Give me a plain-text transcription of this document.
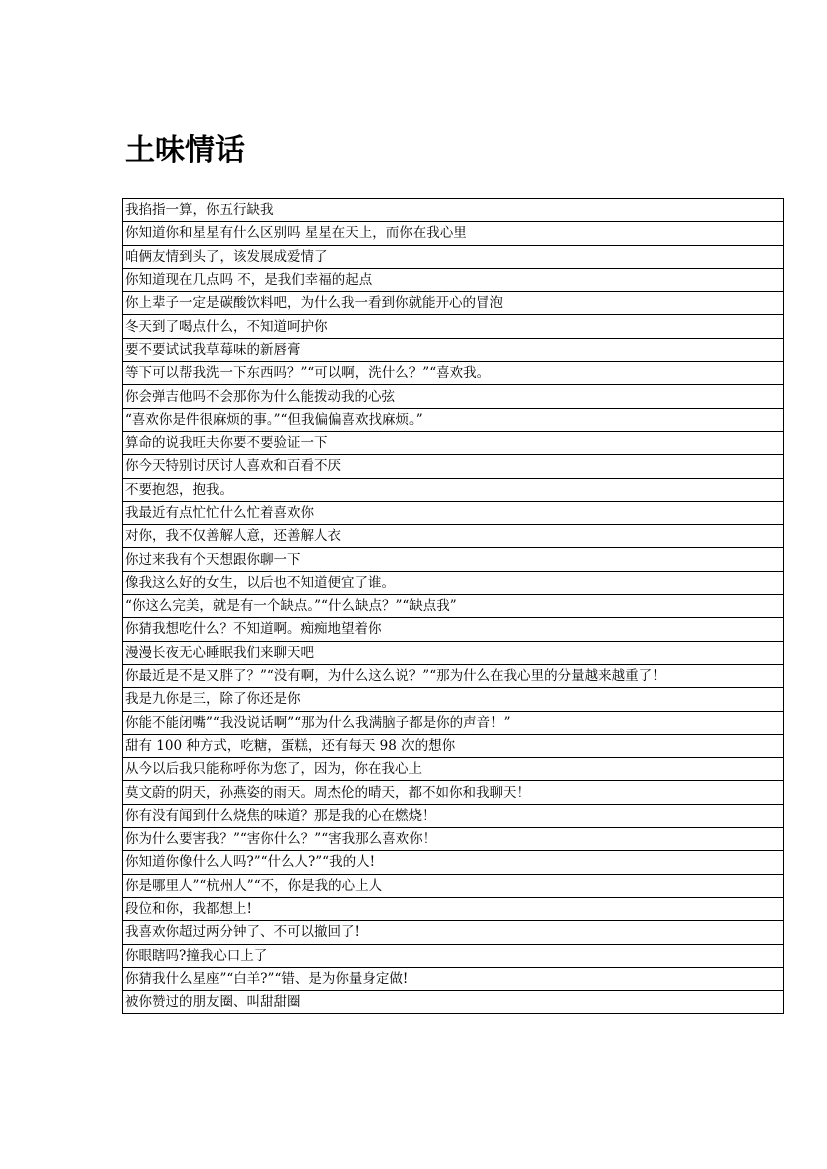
土味情话
我掐指一算，你五行缺我
你知道你和星星有什么区别吗 星星在天上，而你在我心里
咱俩友情到头了，该发展成爱情了
你知道现在几点吗 不，是我们幸福的起点
你上辈子一定是碳酸饮料吧，为什么我一看到你就能开心的冒泡
冬天到了喝点什么，不知道呵护你
要不要试试我草莓味的新唇膏
等下可以帮我洗一下东西吗？”“可以啊，洗什么？”“喜欢我。
你会弹吉他吗不会那你为什么能拨动我的心弦
“喜欢你是件很麻烦的事。”“但我偏偏喜欢找麻烦。”
算命的说我旺夫你要不要验证一下
你今天特别讨厌讨人喜欢和百看不厌
不要抱怨，抱我。
我最近有点忙忙什么忙着喜欢你
对你，我不仅善解人意，还善解人衣
你过来我有个天想跟你聊一下
像我这么好的女生，以后也不知道便宜了谁。
“你这么完美，就是有一个缺点。”“什么缺点？”“缺点我”
你猜我想吃什么？不知道啊。痴痴地望着你
漫漫长夜无心睡眠我们来聊天吧
你最近是不是又胖了？”“没有啊，为什么这么说？”“那为什么在我心里的分量越来越重了！
我是九你是三，除了你还是你
你能不能闭嘴”“我没说话啊”“那为什么我满脑子都是你的声音！”
甜有 100 种方式，吃糖，蛋糕，还有每天 98 次的想你
从今以后我只能称呼你为您了，因为，你在我心上
莫文蔚的阴天，孙燕姿的雨天。周杰伦的晴天，都不如你和我聊天！
你有没有闻到什么烧焦的味道？那是我的心在燃烧！
你为什么要害我？”“害你什么？”“害我那么喜欢你！
你知道你像什么人吗?”“什么人?”“我的人!
你是哪里人”“杭州人”“不，你是我的心上人
段位和你，我都想上!
我喜欢你超过两分钟了、不可以撤回了!
你眼瞎吗?撞我心口上了
你猜我什么星座”“白羊?”“错、是为你量身定做!
被你赞过的朋友圈、叫甜甜圈
